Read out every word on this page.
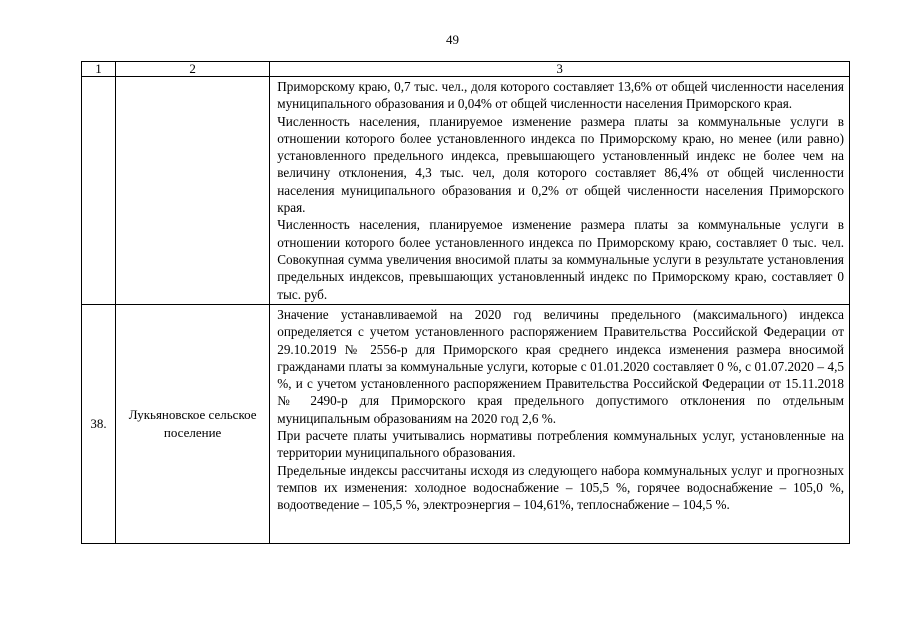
49
1	2	3

		Приморскому краю, 0,7 тыс. чел., доля которого составляет 13,6% от общей численности населения муниципального образования и 0,04% от общей численности населения Приморского края.

Численность населения, планируемое изменение размера платы за коммунальные услуги в отношении которого более установленного индекса по Приморскому краю, но менее (или равно) установленного предельного индекса, превышающего установленный индекс не более чем на величину отклонения, 4,3 тыс. чел, доля которого составляет 86,4% от общей численности населения муниципального образования и 0,2% от общей численности населения Приморского края.

Численность населения, планируемое изменение размера платы за коммунальные услуги в отношении которого более установленного индекса по Приморскому краю, составляет 0 тыс. чел. Совокупная сумма увеличения вносимой платы за коммунальные услуги в результате установления предельных индексов, превышающих установленный индекс по Приморскому краю, составляет 0 тыс. руб.

38.	Лукьяновское сельское поселение	Значение устанавливаемой на 2020 год величины предельного (максимального) индекса определяется с учетом установленного распоряжением Правительства Российской Федерации от 29.10.2019 № 2556-р для Приморского края среднего индекса изменения размера вносимой гражданами платы за коммунальные услуги, которые с 01.01.2020 составляет 0 %, с 01.07.2020 – 4,5 %, и с учетом установленного распоряжением Правительства Российской Федерации от 15.11.2018 № 2490-р для Приморского края предельного допустимого отклонения по отдельным муниципальным образованиям на 2020 год 2,6 %.

При расчете платы учитывались нормативы потребления коммунальных услуг, установленные на территории муниципального образования.

Предельные индексы рассчитаны исходя из следующего набора коммунальных услуг и прогнозных темпов их изменения: холодное водоснабжение – 105,5 %, горячее водоснабжение – 105,0 %, водоотведение – 105,5 %, электроэнергия – 104,61%, теплоснабжение – 104,5 %.
